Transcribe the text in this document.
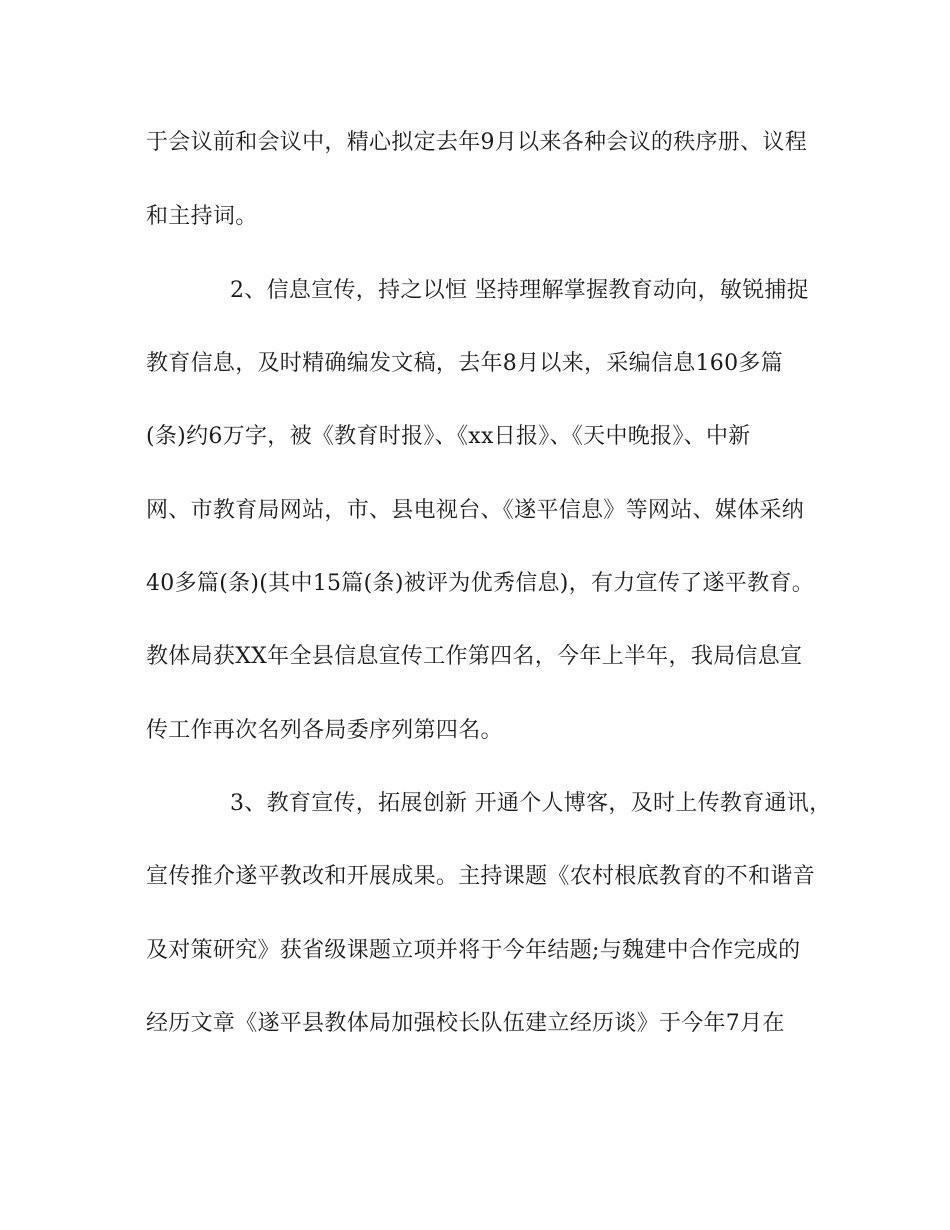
于会议前和会议中，精心拟定去年9月以来各种会议的秩序册、议程
和主持词。
2、信息宣传，持之以恒 坚持理解掌握教育动向，敏锐捕捉
教育信息，及时精确编发文稿，去年8月以来，采编信息160多篇
(条)约6万字，被《教育时报》、《xx日报》、《天中晚报》、中新
网、市教育局网站，市、县电视台、《遂平信息》等网站、媒体采纳
40多篇(条)(其中15篇(条)被评为优秀信息)，有力宣传了遂平教育。
教体局获XX年全县信息宣传工作第四名，今年上半年，我局信息宣
传工作再次名列各局委序列第四名。
3、教育宣传，拓展创新 开通个人博客，及时上传教育通讯，
宣传推介遂平教改和开展成果。主持课题《农村根底教育的不和谐音
及对策研究》获省级课题立项并将于今年结题;与魏建中合作完成的
经历文章《遂平县教体局加强校长队伍建立经历谈》于今年7月在
